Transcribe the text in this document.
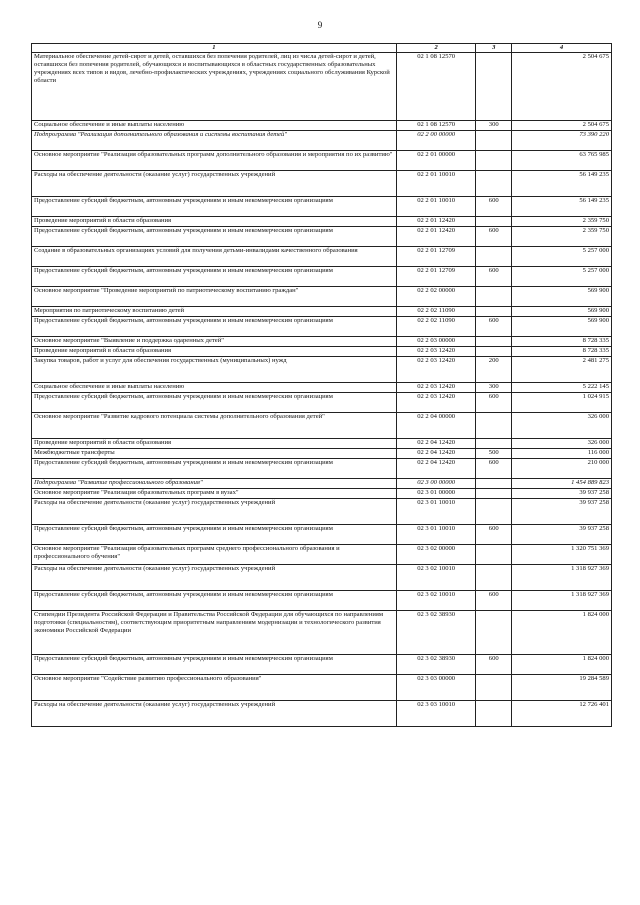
9
1	2	3	4
Материальное обеспечение детей-сирот и детей, оставшихся без попечения родителей, лиц из числа детей-сирот и детей, оставшихся без попечения родителей, обучающихся и воспитывающихся в областных государственных образовательных учреждениях всех типов и видов, лечебно-профилактических учреждениях, учреждениях социального обслуживания Курской области	02 1 08 12570		2 504 675
Социальное обеспечение и иные выплаты населению	02 1 08 12570	300	2 504 675
Подпрограмма "Реализация дополнительного образования и системы воспитания детей"	02 2 00 00000		73 390 220
Основное мероприятие "Реализация образовательных программ дополнительного образования и мероприятия по их развитию"	02 2 01 00000		63 765 985
Расходы на обеспечение деятельности (оказание услуг) государственных учреждений	02 2 01 10010		56 149 235
Предоставление субсидий бюджетным, автономным учреждениям и иным некоммерческим организациям	02 2 01 10010	600	56 149 235
Проведение мероприятий в области образования	02 2 01 12420		2 359 750
Предоставление субсидий бюджетным, автономным учреждениям и иным некоммерческим организациям	02 2 01 12420	600	2 359 750
Создание в образовательных организациях условий для получения детьми-инвалидами качественного образования	02 2 01 12709		5 257 000
Предоставление субсидий бюджетным, автономным учреждениям и иным некоммерческим организациям	02 2 01 12709	600	5 257 000
Основное мероприятие "Проведение мероприятий по патриотическому воспитанию граждан"	02 2 02 00000		569 900
Мероприятия по патриотическому воспитанию детей	02 2 02 11090		569 900
Предоставление субсидий бюджетным, автономным учреждениям и иным некоммерческим организациям	02 2 02 11090	600	569 900
Основное мероприятие "Выявление и поддержка одаренных детей"	02 2 03 00000		8 728 335
Проведение мероприятий в области образования	02 2 03 12420		8 728 335
Закупка товаров, работ и услуг для обеспечения государственных (муниципальных) нужд	02 2 03 12420	200	2 481 275
Социальное обеспечение и иные выплаты населению	02 2 03 12420	300	5 222 145
Предоставление субсидий бюджетным, автономным учреждениям и иным некоммерческим организациям	02 2 03 12420	600	1 024 915
Основное мероприятие "Развитие кадрового потенциала системы дополнительного образования детей"	02 2 04 00000		326 000
Проведение мероприятий в области образования	02 2 04 12420		326 000
Межбюджетные трансферты	02 2 04 12420	500	116 000
Предоставление субсидий бюджетным, автономным учреждениям и иным некоммерческим организациям	02 2 04 12420	600	210 000
Подпрограмма "Развитие профессионального образования"	02 3 00 00000		1 454 889 823
Основное мероприятие "Реализация образовательных программ в вузах"	02 3 01 00000		39 937 258
Расходы на обеспечение деятельности (оказание услуг) государственных учреждений	02 3 01 10010		39 937 258
Предоставление субсидий бюджетным, автономным учреждениям и иным некоммерческим организациям	02 3 01 10010	600	39 937 258
Основное мероприятие "Реализация образовательных программ среднего профессионального образования и профессионального обучения"	02 3 02 00000		1 320 751 369
Расходы на обеспечение деятельности (оказание услуг) государственных учреждений	02 3 02 10010		1 318 927 369
Предоставление субсидий бюджетным, автономным учреждениям и иным некоммерческим организациям	02 3 02 10010	600	1 318 927 369
Стипендии Президента Российской Федерации и Правительства Российской Федерации для обучающихся по направлениям подготовки (специальностям), соответствующим приоритетным направлениям модернизации и технологического развития экономики Российской Федерации	02 3 02 38930		1 824 000
Предоставление субсидий бюджетным, автономным учреждениям и иным некоммерческим организациям	02 3 02 38930	600	1 824 000
Основное мероприятие "Содействие развитию профессионального образования"	02 3 03 00000		19 284 589
Расходы на обеспечение деятельности (оказание услуг) государственных учреждений	02 3 03 10010		12 726 401
